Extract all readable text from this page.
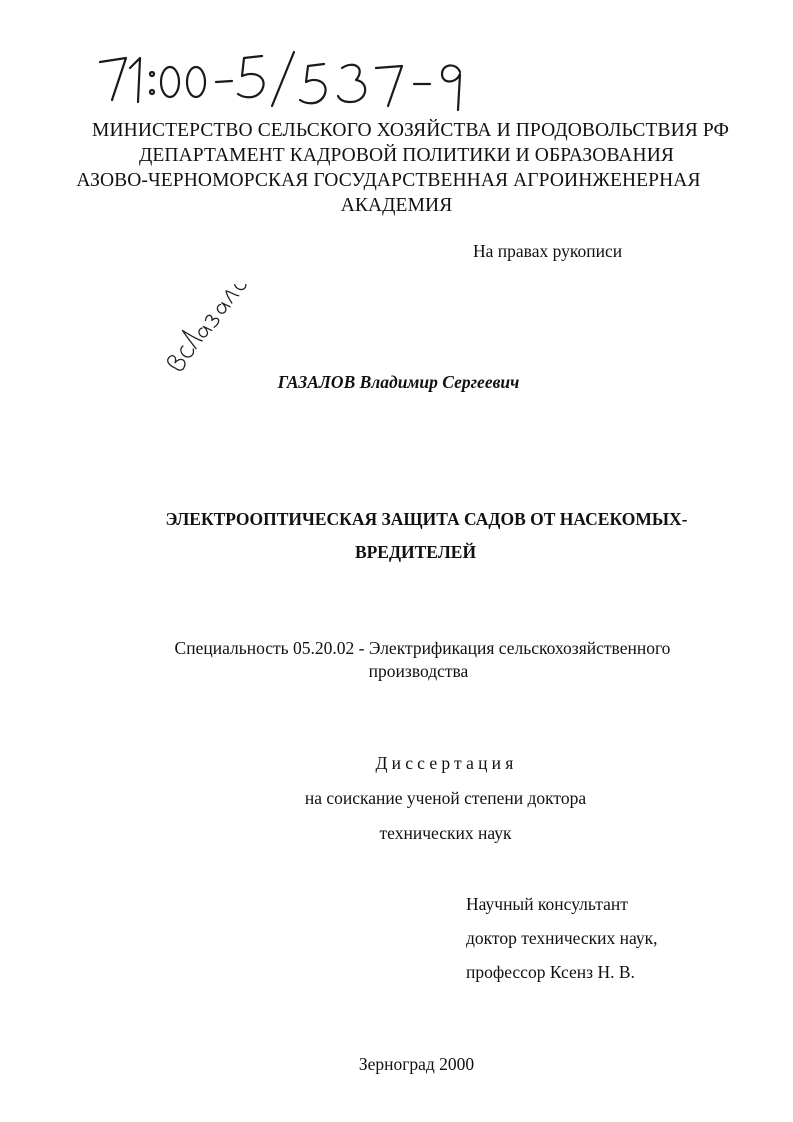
МИНИСТЕРСТВО СЕЛЬСКОГО ХОЗЯЙСТВА И ПРОДОВОЛЬСТВИЯ РФ
ДЕПАРТАМЕНТ КАДРОВОЙ ПОЛИТИКИ И ОБРАЗОВАНИЯ
АЗОВО-ЧЕРНОМОРСКАЯ ГОСУДАРСТВЕННАЯ АГРОИНЖЕНЕРНАЯ
АКАДЕМИЯ
На правах рукописи
ГАЗАЛОВ Владимир Сергеевич
ЭЛЕКТРООПТИЧЕСКАЯ ЗАЩИТА САДОВ ОТ НАСЕКОМЫХ-
ВРЕДИТЕЛЕЙ
Специальность 05.20.02 - Электрификация сельскохозяйственного
производства
Диссертация
на соискание ученой степени доктора
технических наук
Научный консультант
доктор технических наук,
профессор Ксенз Н. В.
Зерноград 2000
